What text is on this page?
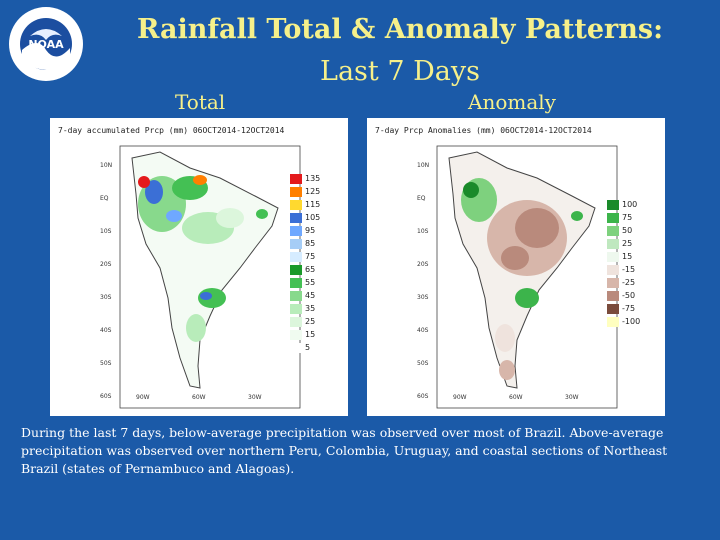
NOAA	Rainfall Total & Anomaly Patterns:
Last 7 Days
Total	Anomaly
7-day accumulated Prcp (mm) 06OCT2014-12OCT2014
135
125
115
105
95
85
75
65
55
45
35
25
15
5
7-day Prcp Anomalies (mm) 06OCT2014-12OCT2014
100
75
50
25
15
-15
-25
-50
-75
-100
10N
EQ
10S
20S
30S
40S
50S
60S	90W	60W	30W
10N
EQ
10S
20S
30S
40S
50S
60S	90W	60W	30W
During the last 7 days, below-average precipitation was observed over most of Brazil. Above-average precipitation was observed over northern Peru, Colombia, Uruguay, and coastal sections of Northeast Brazil (states of Pernambuco and Alagoas).
